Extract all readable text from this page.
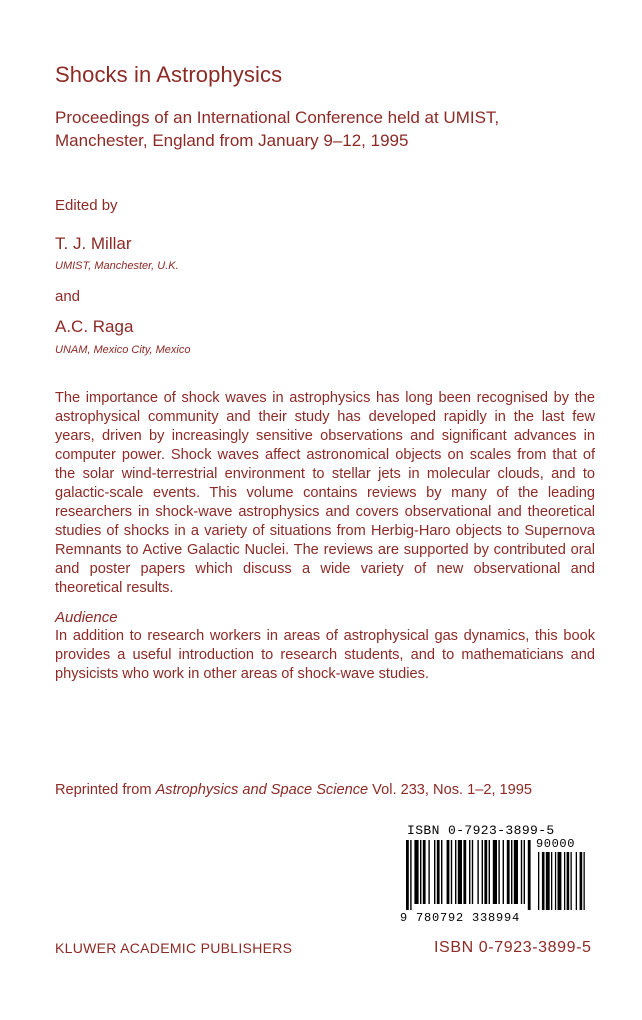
Shocks in Astrophysics
Proceedings of an International Conference held at UMIST,
Manchester, England from January 9–12, 1995
Edited by
T. J. Millar
UMIST, Manchester, U.K.
and
A.C. Raga
UNAM, Mexico City, Mexico

The importance of shock waves in astrophysics has long been recognised by the astrophysical community and their study has developed rapidly in the last few years, driven by increasingly sensitive observations and significant advances in computer power. Shock waves affect astronomical objects on scales from that of the solar wind-terrestrial environment to stellar jets in molecular clouds, and to galactic-scale events. This volume contains reviews by many of the leading researchers in shock-wave astrophysics and covers observational and theoretical studies of shocks in a variety of situations from Herbig-Haro objects to Supernova Remnants to Active Galactic Nuclei. The reviews are supported by contributed oral and poster papers which discuss a wide variety of new observational and theoretical results.

Audience

In addition to research workers in areas of astrophysical gas dynamics, this book provides a useful introduction to research students, and to mathematicians and physicists who work in other areas of shock-wave studies.

Reprinted from Astrophysics and Space Science Vol. 233, Nos. 1–2, 1995
ISBN 0-7923-3899-5
90000
9 780792 338994
KLUWER ACADEMIC PUBLISHERS	ISBN 0-7923-3899-5
